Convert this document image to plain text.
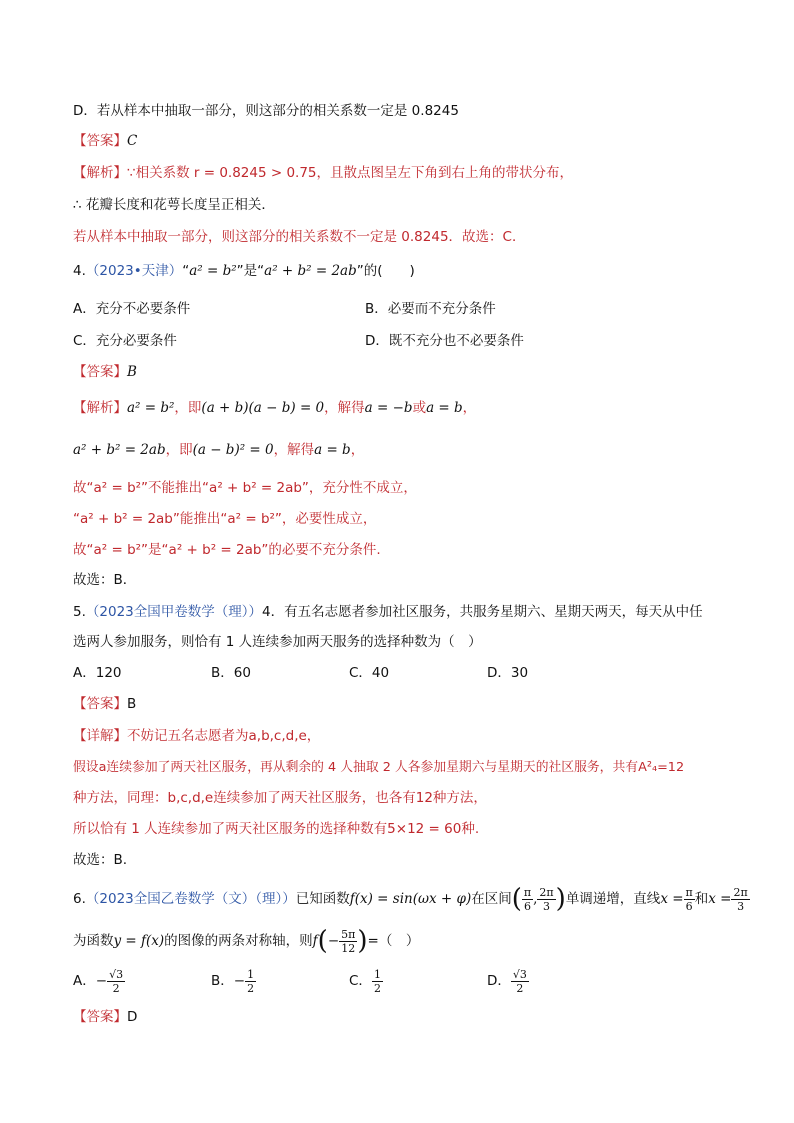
D．若从样本中抽取一部分，则这部分的相关系数一定是 0.8245
【答案】C
【解析】∵相关系数 r = 0.8245 > 0.75，且散点图呈左下角到右上角的带状分布，
∴ 花瓣长度和花萼长度呈正相关．
若从样本中抽取一部分，则这部分的相关系数不一定是 0.8245．故选：C．
4.（2023•天津）“a² = b²”是“a² + b² = 2ab”的(　　)
A．充分不必要条件	B．必要而不充分条件
C．充分必要条件	D．既不充分也不必要条件
【答案】B
【解析】a² = b²，即(a + b)(a − b) = 0，解得a = −b或a = b，
a² + b² = 2ab，即(a − b)² = 0，解得a = b，
故“a² = b²”不能推出“a² + b² = 2ab”，充分性不成立，
“a² + b² = 2ab”能推出“a² = b²”，必要性成立，
故“a² = b²”是“a² + b² = 2ab”的必要不充分条件.
故选：B．
5.（2023全国甲卷数学（理））4．有五名志愿者参加社区服务，共服务星期六、星期天两天，每天从中任
选两人参加服务，则恰有 1 人连续参加两天服务的选择种数为（　）
A．120	B．60	C．40	D．30
【答案】B
【详解】不妨记五名志愿者为a,b,c,d,e，
假设a连续参加了两天社区服务，再从剩余的 4 人抽取 2 人各参加星期六与星期天的社区服务，共有A²₄=12
种方法，同理：b,c,d,e连续参加了两天社区服务，也各有12种方法，
所以恰有 1 人连续参加了两天社区服务的选择种数有5×12 = 60种.
故选：B.
6.（2023全国乙卷数学（文）（理））已知函数f(x) = sin(ωx + φ)在区间( $\frac{\pi}{6}$ , $\frac{2\pi}{3}$ )单调递增，直线$x = \frac{\pi}{6}$ 和$x = \frac{2\pi}{3}$
为函数y = f(x)的图像的两条对称轴，则$f(- \frac{5\pi}{12}$ )=（　）
A．− $\frac{√3}{2}$	B．− $\frac{1}{2}$	C． $\frac{1}{2}$	D． $\frac{√3}{2}$
【答案】D
